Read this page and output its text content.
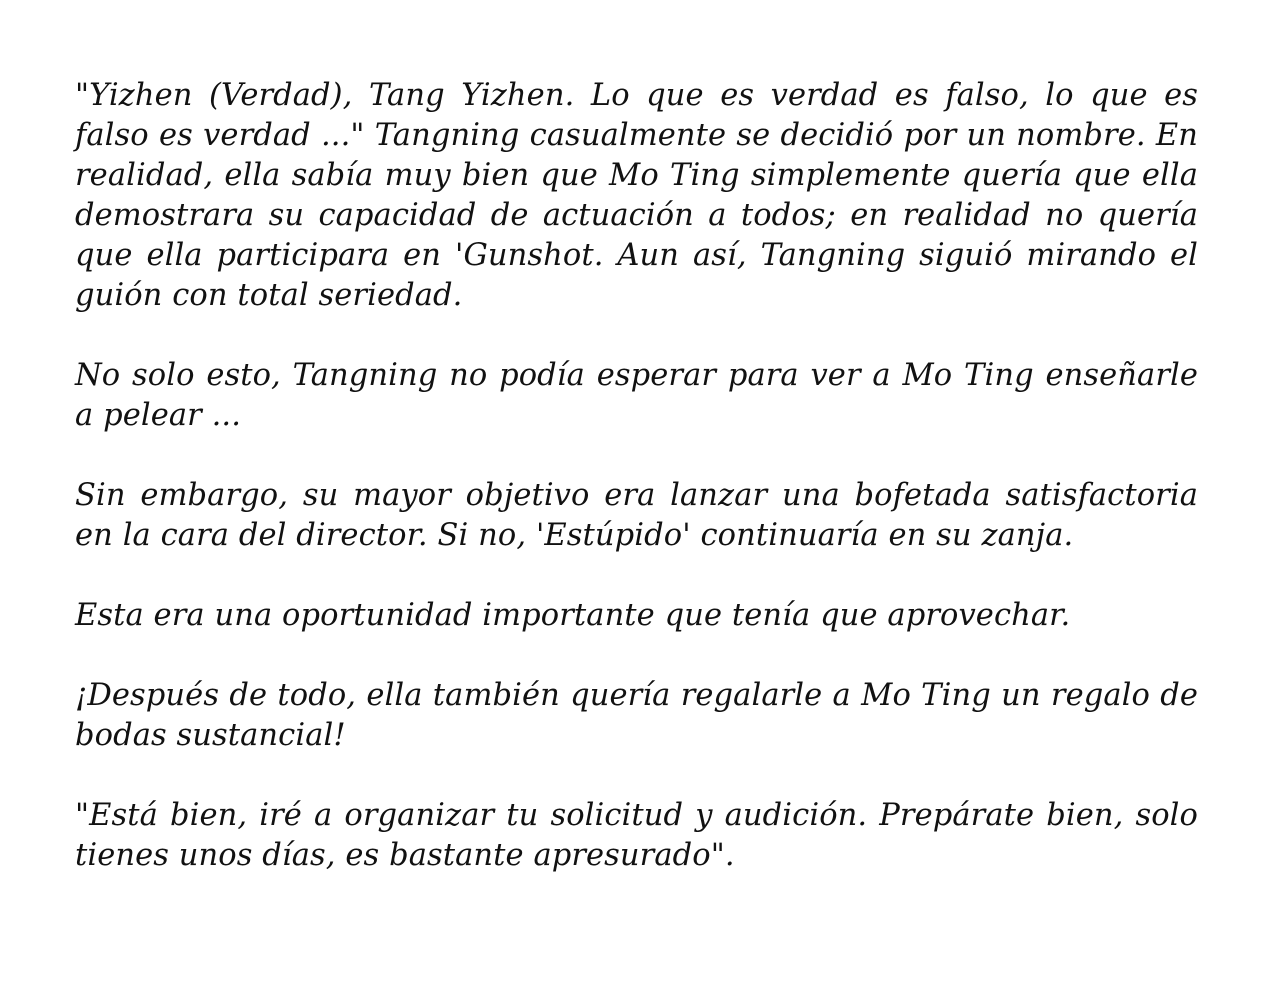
"Yizhen (Verdad), Tang Yizhen. Lo que es verdad es falso, lo que es falso es verdad ..." Tangning casualmente se decidió por un nombre. En realidad, ella sabía muy bien que Mo Ting simplemente quería que ella demostrara su capacidad de actuación a todos; en realidad no quería que ella participara en 'Gunshot. Aun así, Tangning siguió mirando el guión con total seriedad.

No solo esto, Tangning no podía esperar para ver a Mo Ting enseñarle a pelear ...

Sin embargo, su mayor objetivo era lanzar una bofetada satisfactoria en la cara del director. Si no, 'Estúpido' continuaría en su zanja.

Esta era una oportunidad importante que tenía que aprovechar.

¡Después de todo, ella también quería regalarle a Mo Ting un regalo de bodas sustancial!

"Está bien, iré a organizar tu solicitud y audición. Prepárate bien, solo tienes unos días, es bastante apresurado".
